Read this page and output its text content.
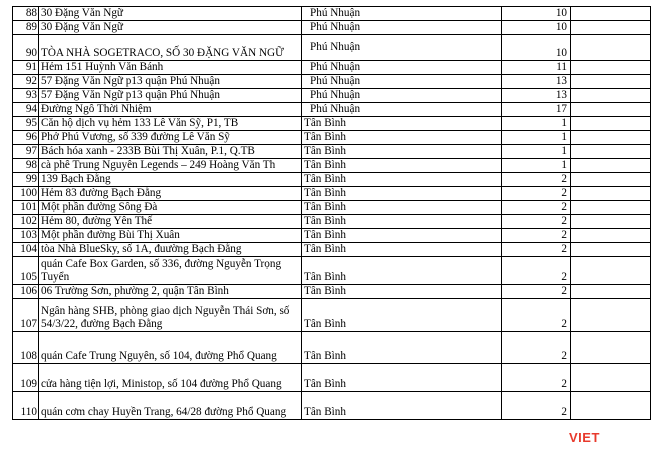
88	30 Đặng Văn Ngữ	Phú Nhuận	10	
89	30 Đặng Văn Ngữ	Phú Nhuận	10	
90	TÒA NHÀ SOGETRACO, SỐ 30 ĐẶNG VĂN NGỮ	Phú Nhuận	10	
91	Hẻm 151 Huỳnh Văn Bánh	Phú Nhuận	11	
92	57 Đặng Văn Ngữ p13 quận Phú Nhuận	Phú Nhuận	13	
93	57 Đặng Văn Ngữ p13 quận Phú Nhuận	Phú Nhuận	13	
94	Đường Ngô Thời Nhiệm	Phú Nhuận	17	
95	Căn hộ dịch vụ hẻm 133 Lê Văn Sỹ, P1, TB	Tân Bình	1	
96	Phở Phú Vương, số 339 đường Lê Văn Sỹ	Tân Bình	1	
97	Bách hóa xanh - 233B Bùi Thị Xuân, P.1, Q.TB	Tân Bình	1	
98	cà phê Trung Nguyên Legends – 249 Hoàng Văn Th	Tân Bình	1	
99	139 Bạch Đằng	Tân Bình	2	
100	Hẻm 83 đường Bạch Đằng	Tân Bình	2	
101	Một phần đường Sông Đà	Tân Bình	2	
102	Hẻm 80, đường Yên Thế	Tân Bình	2	
103	Một phần đường Bùi Thị Xuân	Tân Bình	2	
104	tòa Nhà BlueSky, số 1A, đuường Bạch Đằng	Tân Bình	2	
105	quán Cafe Box Garden, số 336, đường Nguyễn Trọng Tuyển	Tân Bình	2	
106	06 Trường Sơn, phường 2, quận Tân Bình	Tân Bình	2	
107	Ngân hàng SHB, phòng giao dịch Nguyễn Thái Sơn, số 54/3/22, đường Bạch Đằng	Tân Bình	2	
108	quán Cafe Trung Nguyên, số 104, đường Phổ Quang	Tân Bình	2	
109	cửa hàng tiện lợi, Ministop, số 104 đường Phổ Quang	Tân Bình	2	
110	quán cơm chay Huyền Trang, 64/28 đường Phổ Quang	Tân Bình	2	
VIET
